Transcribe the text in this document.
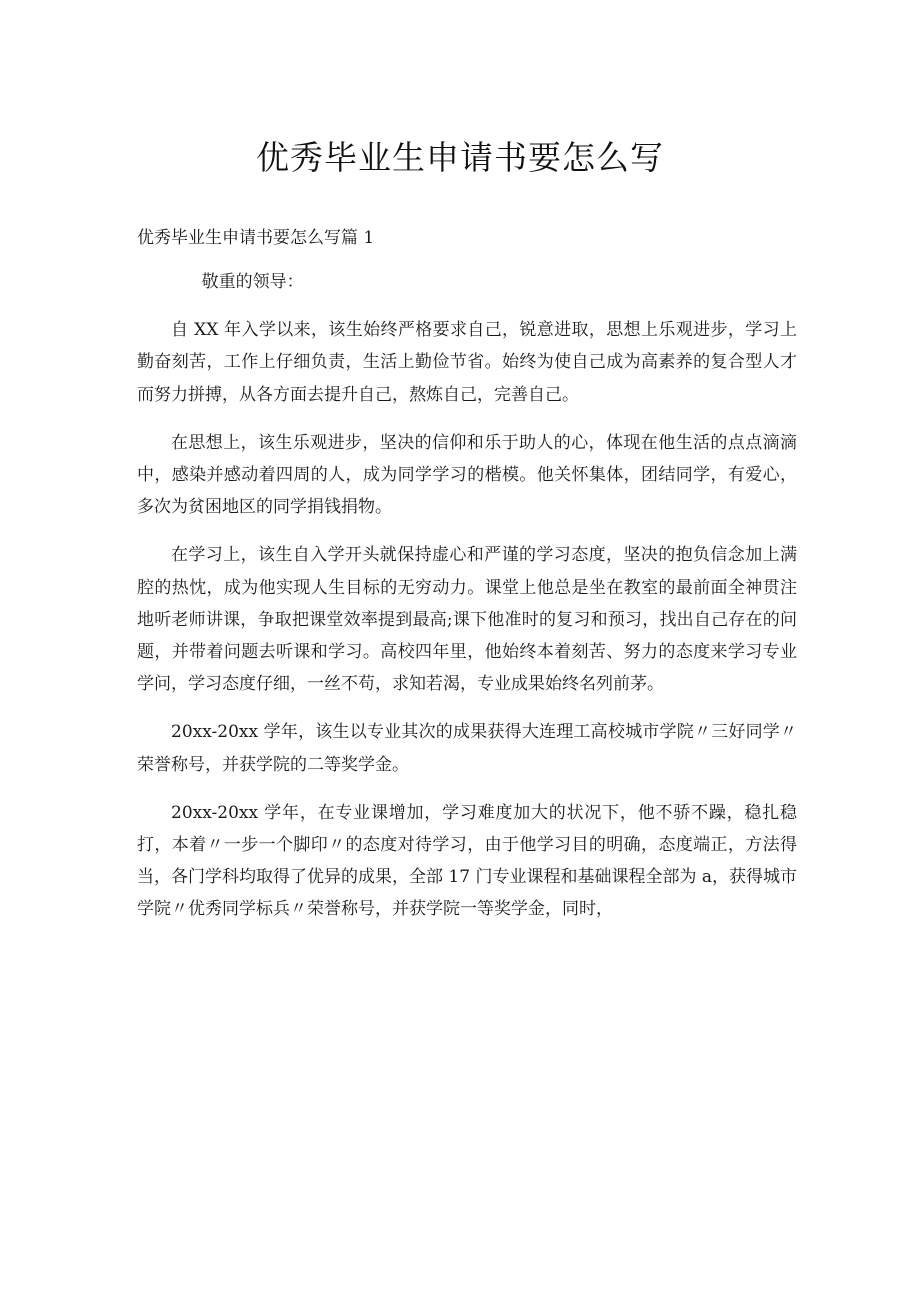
优秀毕业生申请书要怎么写

优秀毕业生申请书要怎么写篇 1

敬重的领导：

自 XX 年入学以来，该生始终严格要求自己，锐意进取，思想上乐观进步，学习上勤奋刻苦，工作上仔细负责，生活上勤俭节省。始终为使自己成为高素养的复合型人才而努力拼搏，从各方面去提升自己，熬炼自己，完善自己。

在思想上，该生乐观进步，坚决的信仰和乐于助人的心，体现在他生活的点点滴滴中，感染并感动着四周的人，成为同学学习的楷模。他关怀集体，团结同学，有爱心，多次为贫困地区的同学捐钱捐物。

在学习上，该生自入学开头就保持虚心和严谨的学习态度，坚决的抱负信念加上满腔的热忱，成为他实现人生目标的无穷动力。课堂上他总是坐在教室的最前面全神贯注地听老师讲课，争取把课堂效率提到最高;课下他准时的复习和预习，找出自己存在的问题，并带着问题去听课和学习。高校四年里，他始终本着刻苦、努力的态度来学习专业学问，学习态度仔细，一丝不苟，求知若渴，专业成果始终名列前茅。

20xx-20xx 学年，该生以专业其次的成果获得大连理工高校城市学院〃三好同学〃荣誉称号，并获学院的二等奖学金。

20xx-20xx 学年，在专业课增加，学习难度加大的状况下，他不骄不躁，稳扎稳打，本着〃一步一个脚印〃的态度对待学习，由于他学习目的明确，态度端正，方法得当，各门学科均取得了优异的成果，全部 17 门专业课程和基础课程全部为 a，获得城市学院〃优秀同学标兵〃荣誉称号，并获学院一等奖学金，同时，
